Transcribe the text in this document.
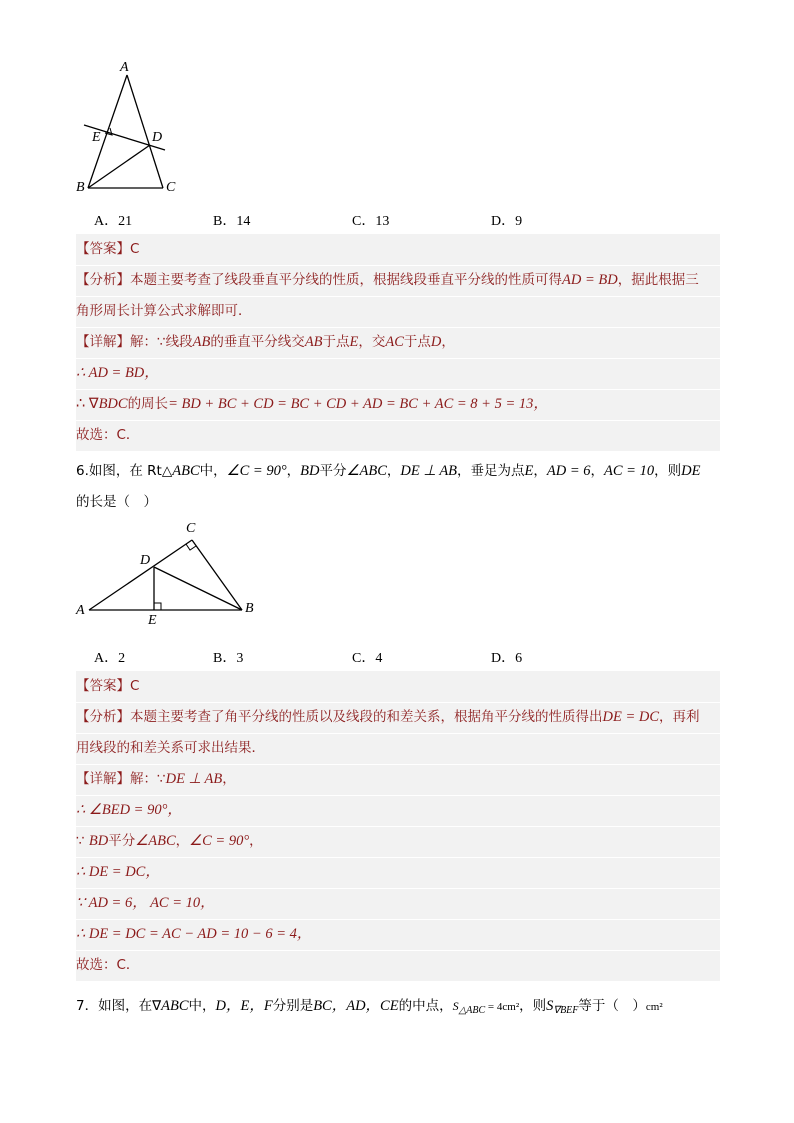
A
E	D
B	C
A．21	B．14	C．13	D．9
【答案】C
【分析】本题主要考查了线段垂直平分线的性质，根据线段垂直平分线的性质可得AD = BD，据此根据三
角形周长计算公式求解即可．
【详解】解：∵线段AB的垂直平分线交AB于点E，交AC于点D，
∴ AD = BD，
∴ ∇BDC的周长= BD + BC + CD = BC + CD + AD = BC + AC = 8 + 5 = 13，
故选：C．
6.如图，在 Rt△ABC中，∠C = 90°，BD平分∠ABC，DE ⊥ AB，垂足为点E，AD = 6，AC = 10，则DE
的长是（　）
C
D
A	B
E
A．2	B．3	C．4	D．6
【答案】C
【分析】本题主要考查了角平分线的性质以及线段的和差关系，根据角平分线的性质得出DE = DC，再利
用线段的和差关系可求出结果．
【详解】解：∵DE ⊥ AB，
∴ ∠BED = 90°，
∵ BD平分∠ABC，∠C = 90°，
∴ DE = DC，
∵ AD = 6， AC = 10，
∴ DE = DC = AC − AD = 10 − 6 = 4，
故选：C．
7．如图，在∇ABC中，D，E，F分别是BC，AD，CE的中点，$S_{\triangle ABC} = 4cm^2$，则$S_{\nabla BEF}$等于（　）cm²
